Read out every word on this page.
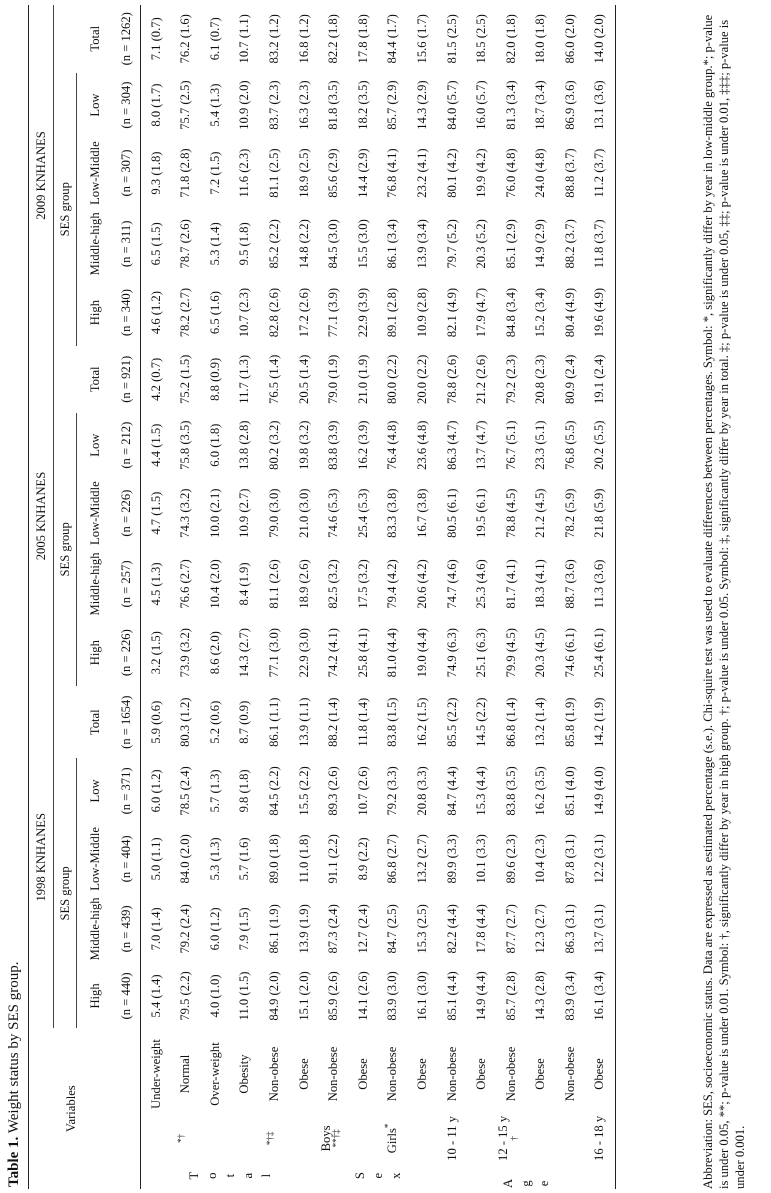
Table 1. Weight status by SES group.	Variables			1998 KNHANES					2005 KNHANES					2009 KNHANES				
			SES group					SES group					SES group				
			High	Middle-high	Low-Middle	Low	Total	High	Middle-high	Low-Middle	Low	Total	High	Middle-high	Low-Middle	Low	Total
			(n = 440)	(n = 439)	(n = 404)	(n = 371)	(n = 1654)	(n = 226)	(n = 257)	(n = 226)	(n = 212)	(n = 921)	(n = 340)	(n = 311)	(n = 307)	(n = 304)	(n = 1262)

T o t a l		Under-weight	5.4 (1.4)	7.0 (1.4)	5.0 (1.1)	6.0 (1.2)	5.9 (0.6)	3.2 (1.5)	4.5 (1.3)	4.7 (1.5)	4.4 (1.5)	4.2 (0.7)	4.6 (1.2)	6.5 (1.5)	9.3 (1.8)	8.0 (1.7)	7.1 (0.7)
	*†	Normal	79.5 (2.2)	79.2 (2.4)	84.0 (2.0)	78.5 (2.4)	80.3 (1.2)	73.9 (3.2)	76.6 (2.7)	74.3 (3.2)	75.8 (3.5)	75.2 (1.5)	78.2 (2.7)	78.7 (2.6)	71.8 (2.8)	75.7 (2.5)	76.2 (1.6)
		Over-weight	4.0 (1.0)	6.0 (1.2)	5.3 (1.3)	5.7 (1.3)	5.2 (0.6)	8.6 (2.0)	10.4 (2.0)	10.0 (2.1)	6.0 (1.8)	8.8 (0.9)	6.5 (1.6)	5.3 (1.4)	7.2 (1.5)	5.4 (1.3)	6.1 (0.7)
		Obesity	11.0 (1.5)	7.9 (1.5)	5.7 (1.6)	9.8 (1.8)	8.7 (0.9)	14.3 (2.7)	8.4 (1.9)	10.9 (2.7)	13.8 (2.8)	11.7 (1.3)	10.7 (2.3)	9.5 (1.8)	11.6 (2.3)	10.9 (2.0)	10.7 (1.1)
	*†‡	Non-obese	84.9 (2.0)	86.1 (1.9)	89.0 (1.8)	84.5 (2.2)	86.1 (1.1)	77.1 (3.0)	81.1 (2.6)	79.0 (3.0)	80.2 (3.2)	76.5 (1.4)	82.8 (2.6)	85.2 (2.2)	81.1 (2.5)	83.7 (2.3)	83.2 (1.2)
		Obese	15.1 (2.0)	13.9 (1.9)	11.0 (1.8)	15.5 (2.2)	13.9 (1.1)	22.9 (3.0)	18.9 (2.6)	21.0 (3.0)	19.8 (3.2)	20.5 (1.4)	17.2 (2.6)	14.8 (2.2)	18.9 (2.5)	16.3 (2.3)	16.8 (1.2)

S e x	Boys
**†‡	Non-obese	85.9 (2.6)	87.3 (2.4)	91.1 (2.2)	89.3 (2.6)	88.2 (1.4)	74.2 (4.1)	82.5 (3.2)	74.6 (5.3)	83.8 (3.9)	79.0 (1.9)	77.1 (3.9)	84.5 (3.0)	85.6 (2.9)	81.8 (3.5)	82.2 (1.8)
		Obese	14.1 (2.6)	12.7 (2.4)	8.9 (2.2)	10.7 (2.6)	11.8 (1.4)	25.8 (4.1)	17.5 (3.2)	25.4 (5.3)	16.2 (3.9)	21.0 (1.9)	22.9 (3.9)	15.5 (3.0)	14.4 (2.9)	18.2 (3.5)	17.8 (1.8)
	Girls*	Non-obese	83.9 (3.0)	84.7 (2.5)	86.8 (2.7)	79.2 (3.3)	83.8 (1.5)	81.0 (4.4)	79.4 (4.2)	83.3 (3.8)	76.4 (4.8)	80.0 (2.2)	89.1 (2.8)	86.1 (3.4)	76.8 (4.1)	85.7 (2.9)	84.4 (1.7)
		Obese	16.1 (3.0)	15.3 (2.5)	13.2 (2.7)	20.8 (3.3)	16.2 (1.5)	19.0 (4.4)	20.6 (4.2)	16.7 (3.8)	23.6 (4.8)	20.0 (2.2)	10.9 (2.8)	13.9 (3.4)	23.2 (4.1)	14.3 (2.9)	15.6 (1.7)

A g e	10 - 11 y	Non-obese	85.1 (4.4)	82.2 (4.4)	89.9 (3.3)	84.7 (4.4)	85.5 (2.2)	74.9 (6.3)	74.7 (4.6)	80.5 (6.1)	86.3 (4.7)	78.8 (2.6)	82.1 (4.9)	79.7 (5.2)	80.1 (4.2)	84.0 (5.7)	81.5 (2.5)
		Obese	14.9 (4.4)	17.8 (4.4)	10.1 (3.3)	15.3 (4.4)	14.5 (2.2)	25.1 (6.3)	25.3 (4.6)	19.5 (6.1)	13.7 (4.7)	21.2 (2.6)	17.9 (4.7)	20.3 (5.2)	19.9 (4.2)	16.0 (5.7)	18.5 (2.5)
	12 - 15 y
†	Non-obese	85.7 (2.8)	87.7 (2.7)	89.6 (2.3)	83.8 (3.5)	86.8 (1.4)	79.9 (4.5)	81.7 (4.1)	78.8 (4.5)	76.7 (5.1)	79.2 (2.3)	84.8 (3.4)	85.1 (2.9)	76.0 (4.8)	81.3 (3.4)	82.0 (1.8)
		Obese	14.3 (2.8)	12.3 (2.7)	10.4 (2.3)	16.2 (3.5)	13.2 (1.4)	20.3 (4.5)	18.3 (4.1)	21.2 (4.5)	23.3 (5.1)	20.8 (2.3)	15.2 (3.4)	14.9 (2.9)	24.0 (4.8)	18.7 (3.4)	18.0 (1.8)
		Non-obese	83.9 (3.4)	86.3 (3.1)	87.8 (3.1)	85.1 (4.0)	85.8 (1.9)	74.6 (6.1)	88.7 (3.6)	78.2 (5.9)	76.8 (5.5)	80.9 (2.4)	80.4 (4.9)	88.2 (3.7)	88.8 (3.7)	86.9 (3.6)	86.0 (2.0)
	16 - 18 y	Obese	16.1 (3.4)	13.7 (3.1)	12.2 (3.1)	14.9 (4.0)	14.2 (1.9)	25.4 (6.1)	11.3 (3.6)	21.8 (5.9)	20.2 (5.5)	19.1 (2.4)	19.6 (4.9)	11.8 (3.7)	11.2 (3.7)	13.1 (3.6)	14.0 (2.0)	Abbreviation: SES, socioeconomic status. Data are expressed as estimated percentage (s.e.). Chi-squire test was used to evaluate differences between percentages. Symbol: *, significantly differ by year in low-middle group.*; p-value is under 0.05, **; p-value is under 0.01. Symbol: †, significantly differ by year in high group. †; p-value is under 0.05. Symbol: ‡, significantly differ by year in total. ‡; p-value is under 0.05, ‡‡; p-value is under 0.01, ‡‡‡; p-value is under 0.001.
